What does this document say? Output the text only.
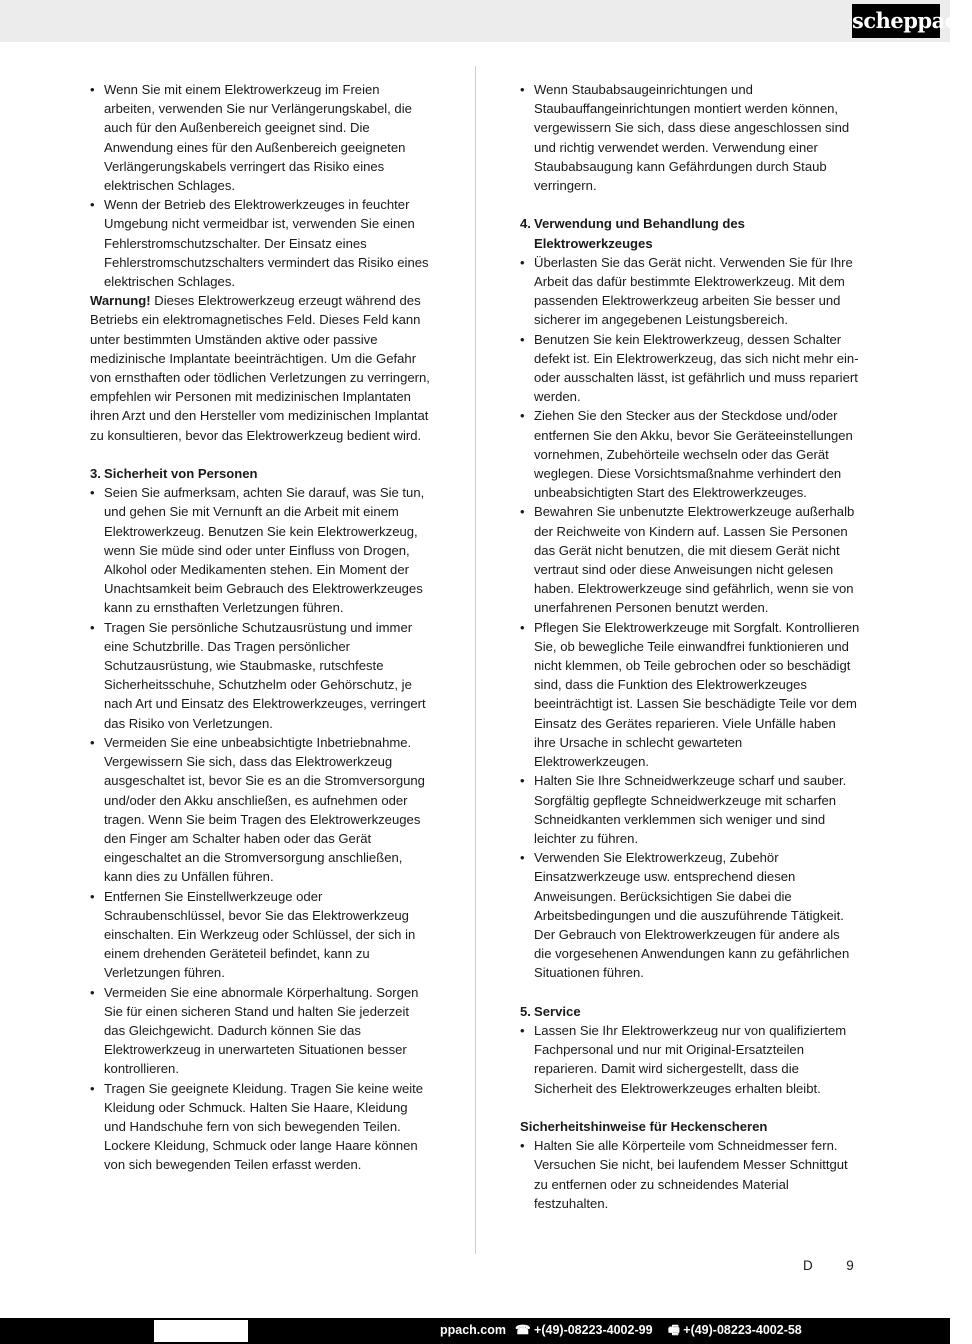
scheppach
• Wenn Sie mit einem Elektrowerkzeug im Freien arbeiten, verwenden Sie nur Verlängerungskabel, die auch für den Außenbereich geeignet sind. Die Anwendung eines für den Außenbereich geeigneten Verlängerungskabels verringert das Risiko eines elektrischen Schlages.
• Wenn der Betrieb des Elektrowerkzeuges in feuchter Umgebung nicht vermeidbar ist, verwenden Sie einen Fehlerstromschutzschalter. Der Einsatz eines Fehlerstromschutzschalters vermindert das Risiko eines elektrischen Schlages.

Warnung! Dieses Elektrowerkzeug erzeugt während des Betriebs ein elektromagnetisches Feld. Dieses Feld kann unter bestimmten Umständen aktive oder passive medizinische Implantate beeinträchtigen. Um die Gefahr von ernsthaften oder tödlichen Verletzungen zu verringern, empfehlen wir Personen mit medizinischen Implantaten ihren Arzt und den Hersteller vom medizinischen Implantat zu konsultieren, bevor das Elektrowerkzeug bedient wird.

3. Sicherheit von Personen
• Seien Sie aufmerksam, achten Sie darauf, was Sie tun, und gehen Sie mit Vernunft an die Arbeit mit einem Elektrowerkzeug. Benutzen Sie kein Elektrowerkzeug, wenn Sie müde sind oder unter Einfluss von Drogen, Alkohol oder Medikamenten stehen. Ein Moment der Unachtsamkeit beim Gebrauch des Elektrowerkzeuges kann zu ernsthaften Verletzungen führen.
• Tragen Sie persönliche Schutzausrüstung und immer eine Schutzbrille. Das Tragen persönlicher Schutzausrüstung, wie Staubmaske, rutschfeste Sicherheitsschuhe, Schutzhelm oder Gehörschutz, je nach Art und Einsatz des Elektrowerkzeuges, verringert das Risiko von Verletzungen.
• Vermeiden Sie eine unbeabsichtigte Inbetriebnahme. Vergewissern Sie sich, dass das Elektrowerkzeug ausgeschaltet ist, bevor Sie es an die Stromversorgung und/oder den Akku anschließen, es aufnehmen oder tragen. Wenn Sie beim Tragen des Elektrowerkzeuges den Finger am Schalter haben oder das Gerät eingeschaltet an die Stromversorgung anschließen, kann dies zu Unfällen führen.
• Entfernen Sie Einstellwerkzeuge oder Schraubenschlüssel, bevor Sie das Elektrowerkzeug einschalten. Ein Werkzeug oder Schlüssel, der sich in einem drehenden Geräteteil befindet, kann zu Verletzungen führen.
• Vermeiden Sie eine abnormale Körperhaltung. Sorgen Sie für einen sicheren Stand und halten Sie jederzeit das Gleichgewicht. Dadurch können Sie das Elektrowerkzeug in unerwarteten Situationen besser kontrollieren.
• Tragen Sie geeignete Kleidung. Tragen Sie keine weite Kleidung oder Schmuck. Halten Sie Haare, Kleidung und Handschuhe fern von sich bewegenden Teilen. Lockere Kleidung, Schmuck oder lange Haare können von sich bewegenden Teilen erfasst werden.
• Wenn Staubabsaugeinrichtungen und Staubauffangeinrichtungen montiert werden können, vergewissern Sie sich, dass diese angeschlossen sind und richtig verwendet werden. Verwendung einer Staubabsaugung kann Gefährdungen durch Staub verringern.
4. Verwendung und Behandlung des Elektrowerkzeuges
• Überlasten Sie das Gerät nicht. Verwenden Sie für Ihre Arbeit das dafür bestimmte Elektrowerkzeug. Mit dem passenden Elektrowerkzeug arbeiten Sie besser und sicherer im angegebenen Leistungsbereich.
• Benutzen Sie kein Elektrowerkzeug, dessen Schalter defekt ist. Ein Elektrowerkzeug, das sich nicht mehr ein- oder ausschalten lässt, ist gefährlich und muss repariert werden.
• Ziehen Sie den Stecker aus der Steckdose und/oder entfernen Sie den Akku, bevor Sie Geräteeinstellungen vornehmen, Zubehörteile wechseln oder das Gerät weglegen. Diese Vorsichtsmaßnahme verhindert den unbeabsichtigten Start des Elektrowerkzeuges.
• Bewahren Sie unbenutzte Elektrowerkzeuge außerhalb der Reichweite von Kindern auf. Lassen Sie Personen das Gerät nicht benutzen, die mit diesem Gerät nicht vertraut sind oder diese Anweisungen nicht gelesen haben. Elektrowerkzeuge sind gefährlich, wenn sie von unerfahrenen Personen benutzt werden.
• Pflegen Sie Elektrowerkzeuge mit Sorgfalt. Kontrollieren Sie, ob bewegliche Teile einwandfrei funktionieren und nicht klemmen, ob Teile gebrochen oder so beschädigt sind, dass die Funktion des Elektrowerkzeuges beeinträchtigt ist. Lassen Sie beschädigte Teile vor dem Einsatz des Gerätes reparieren. Viele Unfälle haben ihre Ursache in schlecht gewarteten Elektrowerkzeugen.
• Halten Sie Ihre Schneidwerkzeuge scharf und sauber. Sorgfältig gepflegte Schneidwerkzeuge mit scharfen Schneidkanten verklemmen sich weniger und sind leichter zu führen.
• Verwenden Sie Elektrowerkzeug, Zubehör Einsatzwerkzeuge usw. entsprechend diesen Anweisungen. Berücksichtigen Sie dabei die Arbeitsbedingungen und die auszuführende Tätigkeit. Der Gebrauch von Elektrowerkzeugen für andere als die vorgesehenen Anwendungen kann zu gefährlichen Situationen führen.
5. Service
• Lassen Sie Ihr Elektrowerkzeug nur von qualifiziertem Fachpersonal und nur mit Original-Ersatzteilen reparieren. Damit wird sichergestellt, dass die Sicherheit des Elektrowerkzeuges erhalten bleibt.
Sicherheitshinweise für Heckenscheren
• Halten Sie alle Körperteile vom Schneidmesser fern. Versuchen Sie nicht, bei laufendem Messer Schnittgut zu entfernen oder zu schneidendes Material festzuhalten.
D 9
ppach.com ☎ +(49)-08223-4002-99 🖷 +(49)-08223-4002-58
